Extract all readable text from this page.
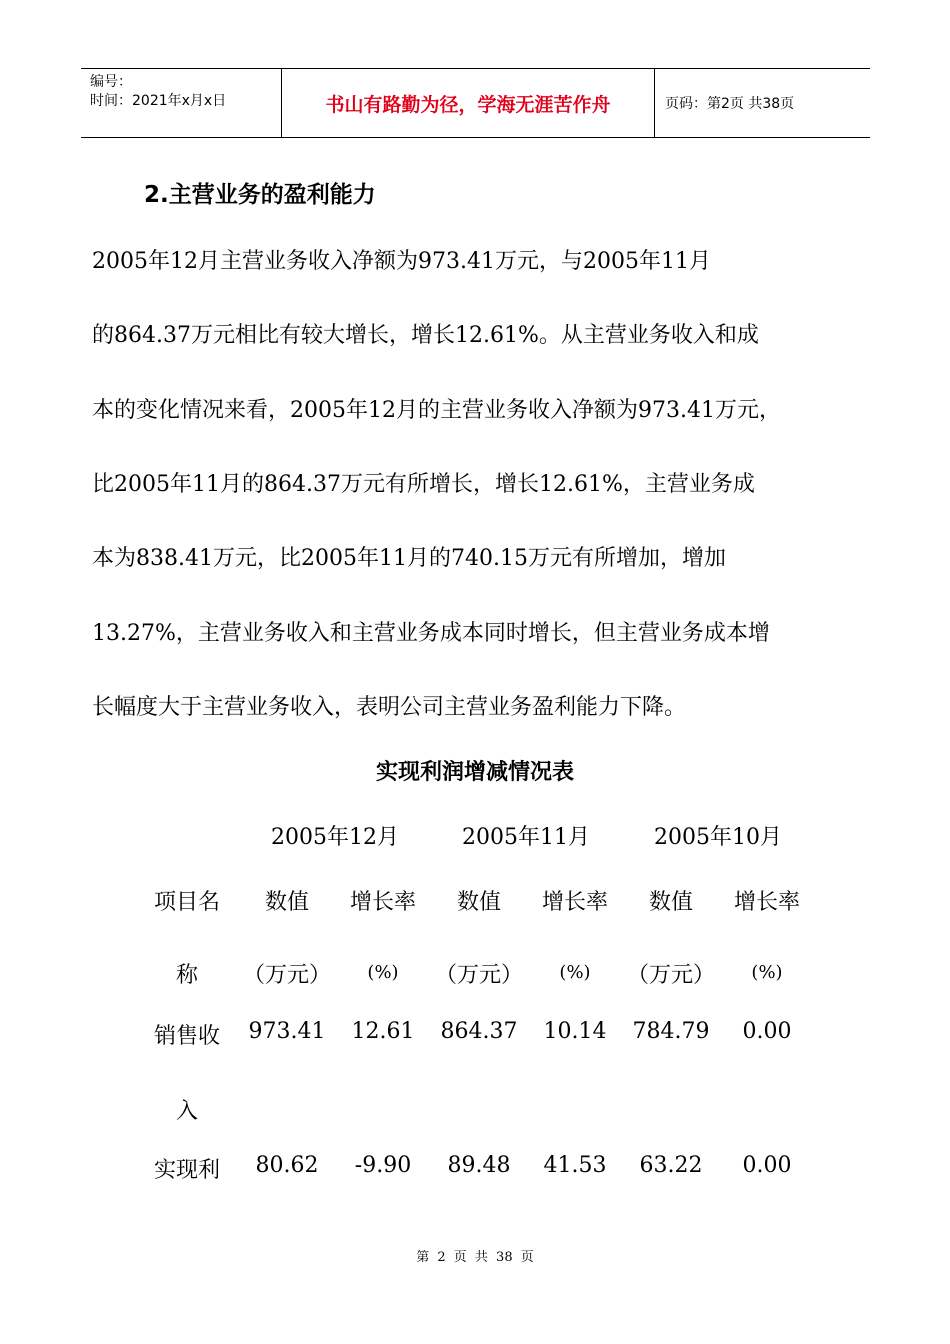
编号：
时间：2021年x月x日	书山有路勤为径，学海无涯苦作舟	页码：第2页 共38页
2.主营业务的盈利能力
2005年12月主营业务收入净额为973.41万元，与2005年11月
的864.37万元相比有较大增长，增长12.61%。从主营业务收入和成
本的变化情况来看，2005年12月的主营业务收入净额为973.41万元，
比2005年11月的864.37万元有所增长，增长12.61%，主营业务成
本为838.41万元，比2005年11月的740.15万元有所增加，增加
13.27%，主营业务收入和主营业务成本同时增长，但主营业务成本增
长幅度大于主营业务收入，表明公司主营业务盈利能力下降。
实现利润增减情况表
2005年12月	2005年11月	2005年10月
项目名 数值 增长率 数值 增长率 数值 增长率
称 （万元） (%) （万元） (%) （万元） (%)
销售收 973.41 12.61 864.37 10.14 784.79 0.00
入
实现利 80.62 -9.90 89.48 41.53 63.22 0.00
第 2 页 共 38 页
